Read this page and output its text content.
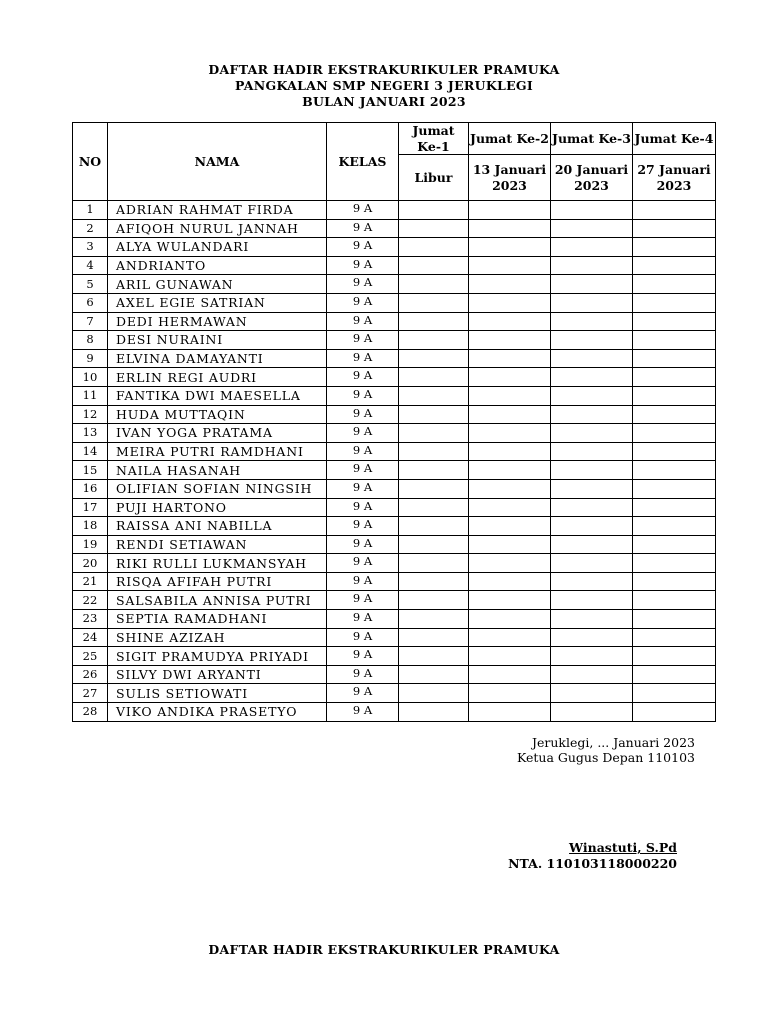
DAFTAR HADIR EKSTRAKURIKULER PRAMUKA
PANGKALAN SMP NEGERI 3 JERUKLEGI
BULAN JANUARI 2023
NO	NAMA	KELAS	Jumat Ke-1	Jumat Ke-2	Jumat Ke-3	Jumat Ke-4
			Libur	13 Januari 2023	20 Januari 2023	27 Januari 2023
1	ADRIAN RAHMAT FIRDA	9 A				
2	AFIQOH NURUL JANNAH	9 A				
3	ALYA WULANDARI	9 A				
4	ANDRIANTO	9 A				
5	ARIL GUNAWAN	9 A				
6	AXEL EGIE SATRIAN	9 A				
7	DEDI HERMAWAN	9 A				
8	DESI NURAINI	9 A				
9	ELVINA DAMAYANTI	9 A				
10	ERLIN REGI AUDRI	9 A				
11	FANTIKA DWI MAESELLA	9 A				
12	HUDA MUTTAQIN	9 A				
13	IVAN YOGA PRATAMA	9 A				
14	MEIRA PUTRI RAMDHANI	9 A				
15	NAILA HASANAH	9 A				
16	OLIFIAN SOFIAN NINGSIH	9 A				
17	PUJI HARTONO	9 A				
18	RAISSA ANI NABILLA	9 A				
19	RENDI SETIAWAN	9 A				
20	RIKI RULLI LUKMANSYAH	9 A				
21	RISQA AFIFAH PUTRI	9 A				
22	SALSABILA ANNISA PUTRI	9 A				
23	SEPTIA RAMADHANI	9 A				
24	SHINE AZIZAH	9 A				
25	SIGIT PRAMUDYA PRIYADI	9 A				
26	SILVY DWI ARYANTI	9 A				
27	SULIS SETIOWATI	9 A				
28	VIKO ANDIKA PRASETYO	9 A				
Jeruklegi, ... Januari 2023
Ketua Gugus Depan 110103
Winastuti, S.Pd
NTA. 110103118000220
DAFTAR HADIR EKSTRAKURIKULER PRAMUKA
